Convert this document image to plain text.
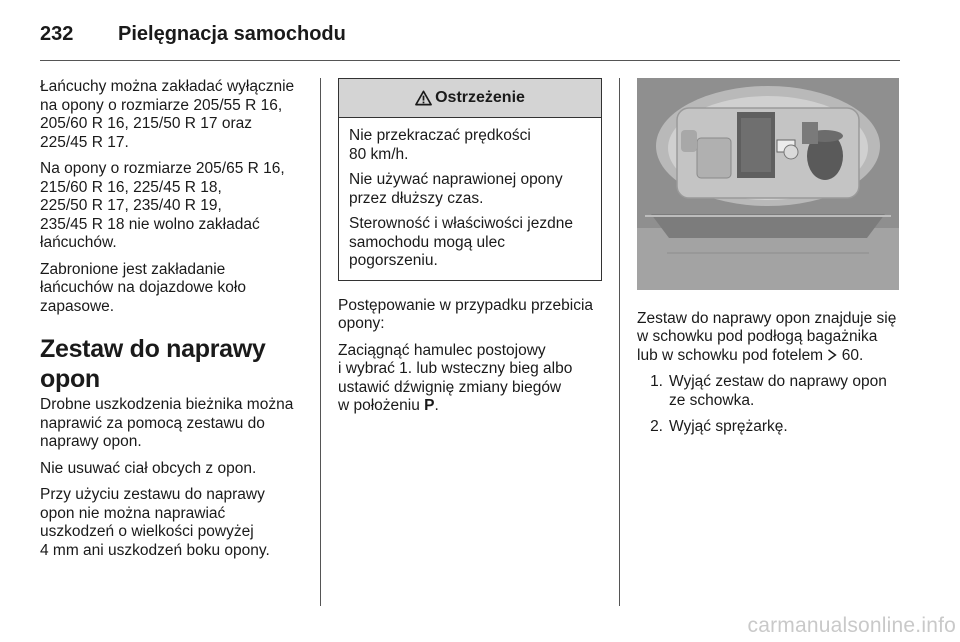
232	Pielęgnacja samochodu

Łańcuchy można zakładać wyłącznie
na opony o rozmiarze 205/55 R 16,
205/60 R 16, 215/50 R 17 oraz
225/45 R 17.

Na opony o rozmiarze 205/65 R 16,
215/60 R 16, 225/45 R 18,
225/50 R 17, 235/40 R 19,
235/45 R 18 nie wolno zakładać
łańcuchów.

Zabronione jest zakładanie
łańcuchów na dojazdowe koło
zapasowe.

Zestaw do naprawy opon

Drobne uszkodzenia bieżnika można
naprawić za pomocą zestawu do
naprawy opon.

Nie usuwać ciał obcych z opon.

Przy użyciu zestawu do naprawy
opon nie można naprawiać
uszkodzeń o wielkości powyżej
4 mm ani uszkodzeń boku opony.

Ostrzeżenie

Nie przekraczać prędkości
80 km/h.

Nie używać naprawionej opony
przez dłuższy czas.

Sterowność i właściwości jezdne
samochodu mogą ulec
pogorszeniu.

Postępowanie w przypadku przebicia
opony:

Zaciągnąć hamulec postojowy
i wybrać 1. lub wsteczny bieg albo
ustawić dźwignię zmiany biegów
w położeniu P.

Zestaw do naprawy opon znajduje się
w schowku pod podłogą bagażnika
lub w schowku pod fotelem  60.

1. Wyjąć zestaw do naprawy opon
ze schowka.
2. Wyjąć sprężarkę.
carmanualsonline.info
